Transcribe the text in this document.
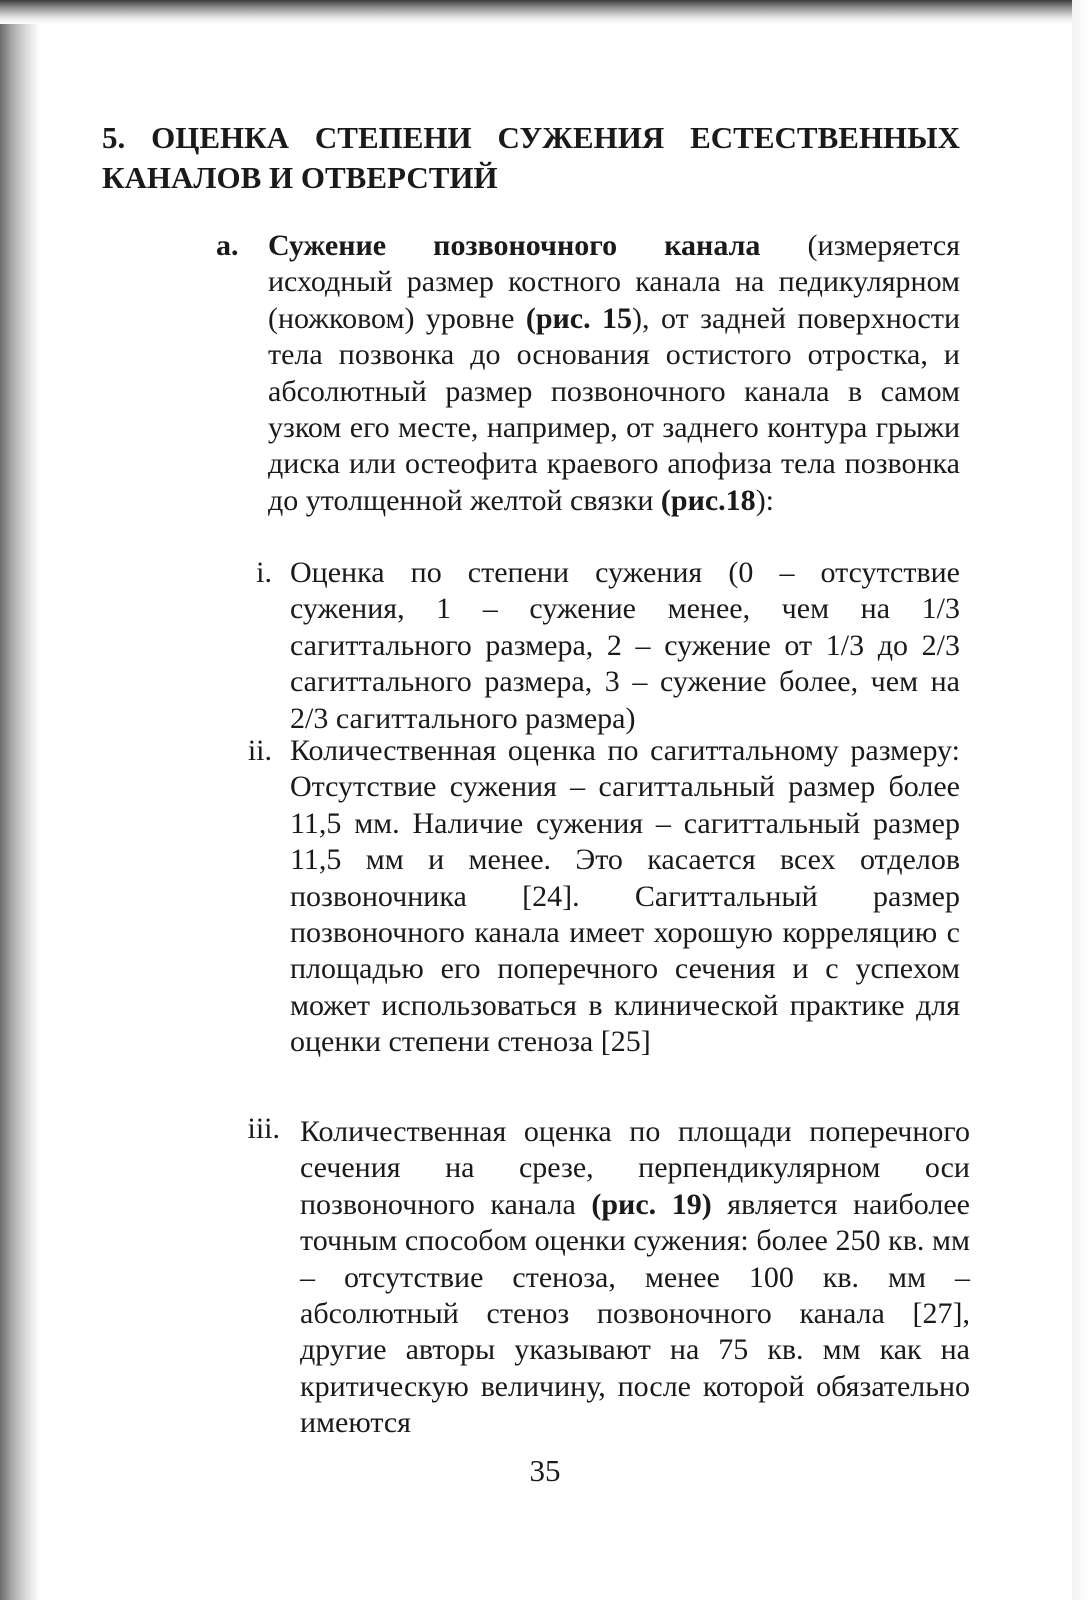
5. ОЦЕНКА СТЕПЕНИ СУЖЕНИЯ ЕСТЕСТВЕННЫХ КАНАЛОВ И ОТВЕРСТИЙ
a. Сужение позвоночного канала (измеряется исходный размер костного канала на педикулярном (ножковом) уровне (рис. 15), от задней поверхности тела позвонка до основания остистого отростка, и абсолютный размер позвоночного канала в самом узком его месте, например, от заднего контура грыжи диска или остеофита краевого апофиза тела позвонка до утолщенной желтой связки (рис.18):
i. Оценка по степени сужения (0 – отсутствие сужения, 1 – сужение менее, чем на 1/3 сагиттального размера, 2 – сужение от 1/3 до 2/3 сагиттального размера, 3 – сужение более, чем на 2/3 сагиттального размера)
ii. Количественная оценка по сагиттальному размеру: Отсутствие сужения – сагиттальный размер более 11,5 мм. Наличие сужения – сагиттальный размер 11,5 мм и менее. Это касается всех отделов позвоночника [24]. Сагиттальный размер позвоночного канала имеет хорошую корреляцию с площадью его поперечного сечения и с успехом может использоваться в клинической практике для оценки степени стеноза [25]
iii. Количественная оценка по площади поперечного сечения на срезе, перпендикулярном оси позвоночного канала (рис. 19) является наиболее точным способом оценки сужения: более 250 кв. мм – отсутствие стеноза, менее 100 кв. мм – абсолютный стеноз позвоночного канала [27], другие авторы указывают на 75 кв. мм как на критическую величину, после которой обязательно имеются
35
